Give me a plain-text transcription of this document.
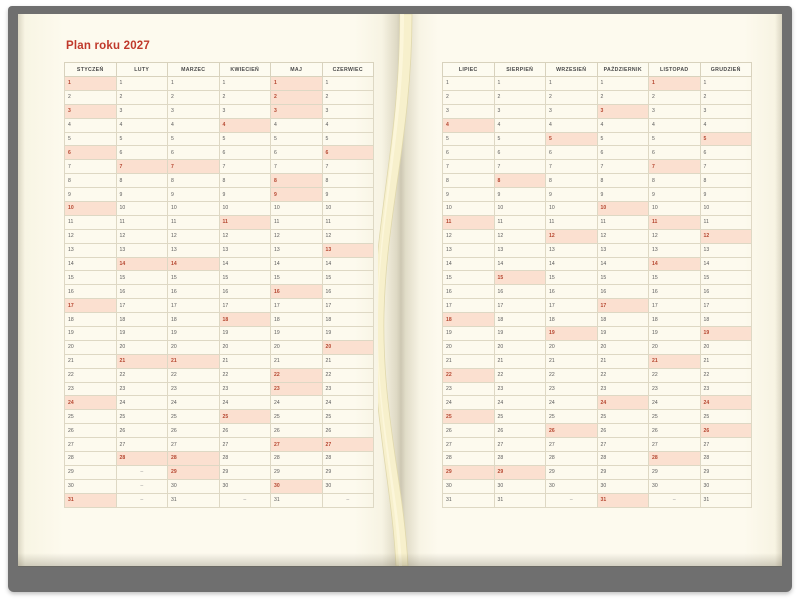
Plan roku 2027
STYCZEŃ	LUTY	MARZEC	KWIECIEŃ	MAJ	CZERWIEC
1	1	1	1	1	1
2	2	2	2	2	2
3	3	3	3	3	3
4	4	4	4	4	4
5	5	5	5	5	5
6	6	6	6	6	6
7	7	7	7	7	7
8	8	8	8	8	8
9	9	9	9	9	9
10	10	10	10	10	10
11	11	11	11	11	11
12	12	12	12	12	12
13	13	13	13	13	13
14	14	14	14	14	14
15	15	15	15	15	15
16	16	16	16	16	16
17	17	17	17	17	17
18	18	18	18	18	18
19	19	19	19	19	19
20	20	20	20	20	20
21	21	21	21	21	21
22	22	22	22	22	22
23	23	23	23	23	23
24	24	24	24	24	24
25	25	25	25	25	25
26	26	26	26	26	26
27	27	27	27	27	27
28	28	28	28	28	28
29	–	29	29	29	29
30	–	30	30	30	30
31	–	31	–	31	–
LIPIEC	SIERPIEŃ	WRZESIEŃ	PAŹDZIERNIK	LISTOPAD	GRUDZIEŃ
1	1	1	1	1	1
2	2	2	2	2	2
3	3	3	3	3	3
4	4	4	4	4	4
5	5	5	5	5	5
6	6	6	6	6	6
7	7	7	7	7	7
8	8	8	8	8	8
9	9	9	9	9	9
10	10	10	10	10	10
11	11	11	11	11	11
12	12	12	12	12	12
13	13	13	13	13	13
14	14	14	14	14	14
15	15	15	15	15	15
16	16	16	16	16	16
17	17	17	17	17	17
18	18	18	18	18	18
19	19	19	19	19	19
20	20	20	20	20	20
21	21	21	21	21	21
22	22	22	22	22	22
23	23	23	23	23	23
24	24	24	24	24	24
25	25	25	25	25	25
26	26	26	26	26	26
27	27	27	27	27	27
28	28	28	28	28	28
29	29	29	29	29	29
30	30	30	30	30	30
31	31	–	31	–	31
